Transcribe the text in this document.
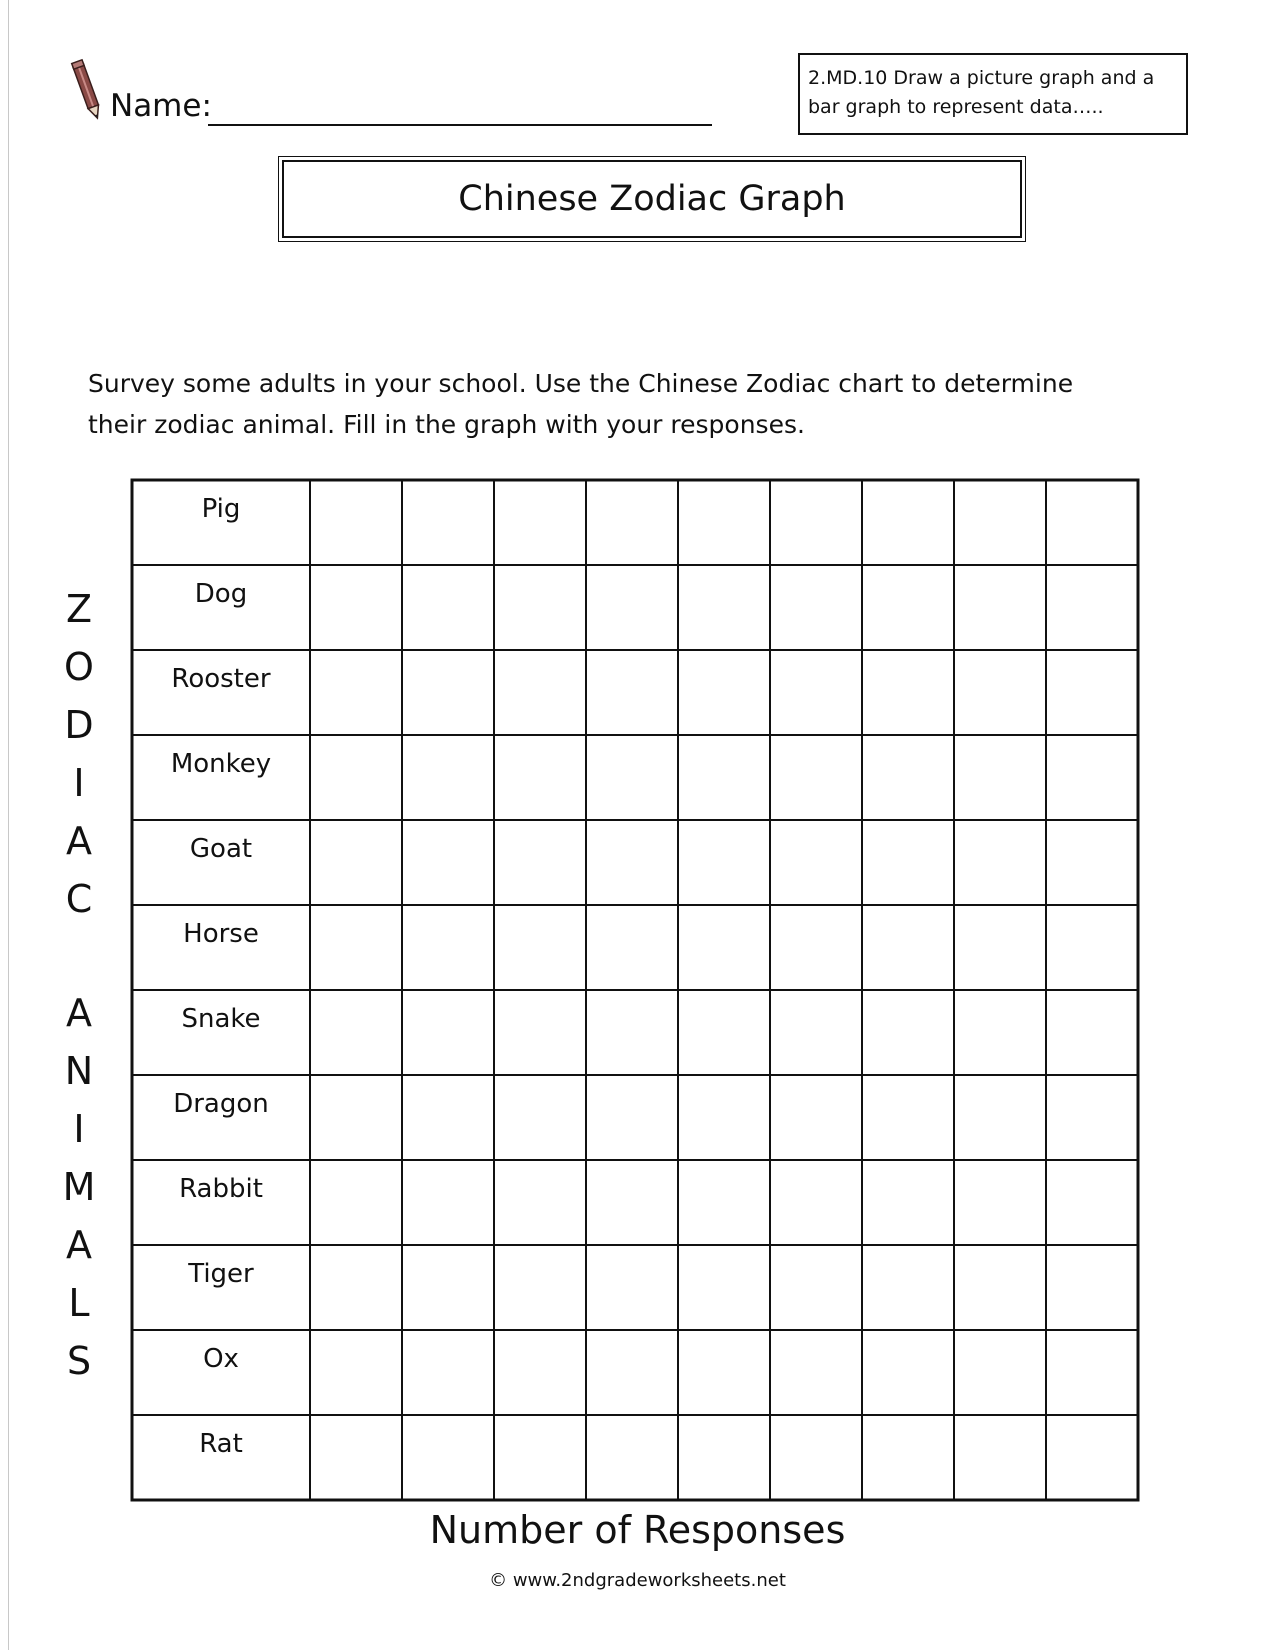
Name:
2.MD.10 Draw a picture graph and a
bar graph to represent data…..
Chinese Zodiac Graph
Survey some adults in your school. Use the Chinese Zodiac chart to determine
their zodiac animal. Fill in the graph with your responses.
Z
O
D
I
A
C
A
N
I
M
A
L
S
Pig
Dog
Rooster
Monkey
Goat
Horse
Snake
Dragon
Rabbit
Tiger
Ox
Rat
Number of Responses
© www.2ndgradeworksheets.net
